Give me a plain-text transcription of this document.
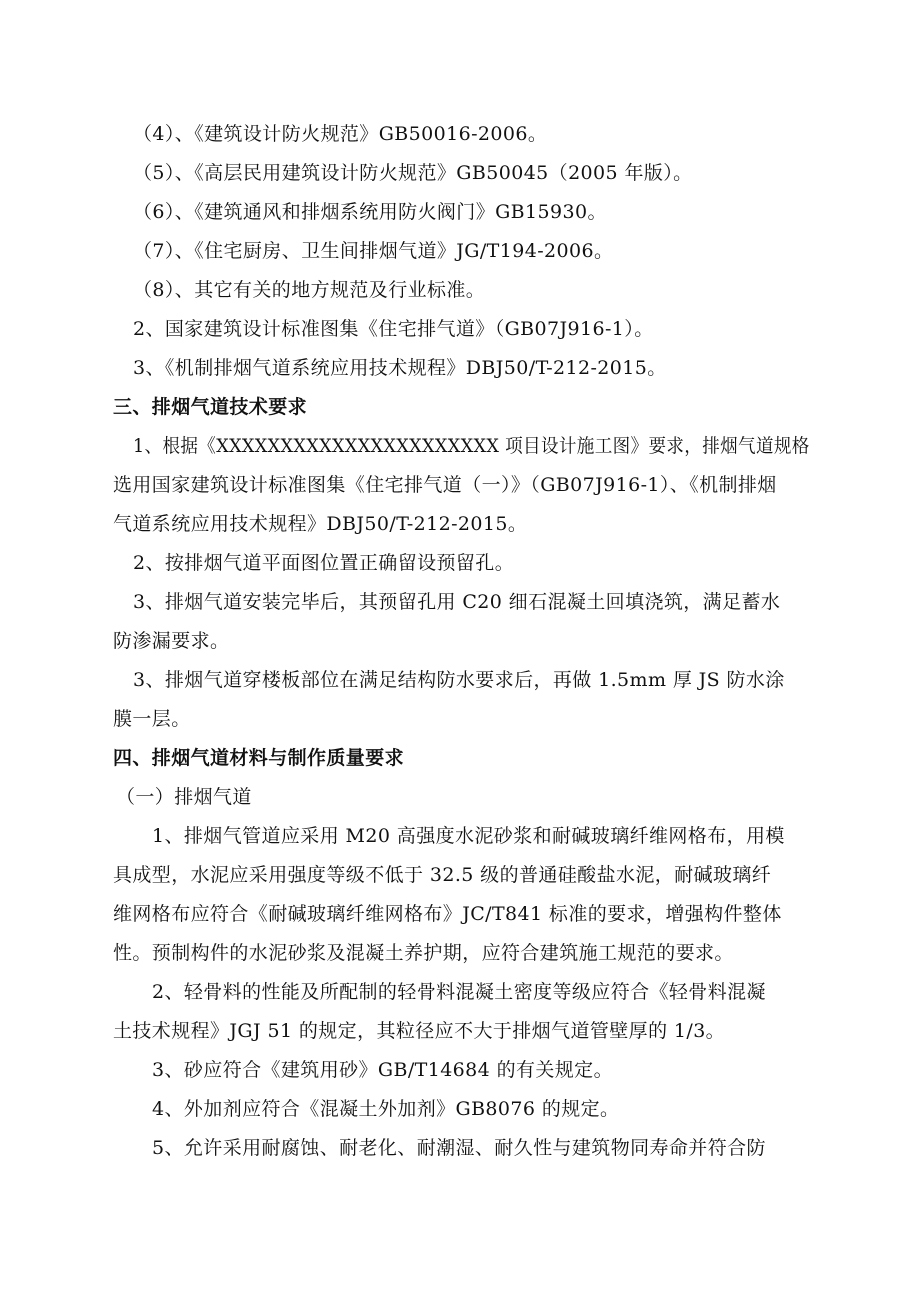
（4）、《建筑设计防火规范》GB50016-2006。
（5）、《高层民用建筑设计防火规范》GB50045（2005 年版）。
（6）、《建筑通风和排烟系统用防火阀门》GB15930。
（7）、《住宅厨房、卫生间排烟气道》JG/T194-2006。
（8）、其它有关的地方规范及行业标准。
2、国家建筑设计标准图集《住宅排气道》（GB07J916-1）。
3、《机制排烟气道系统应用技术规程》DBJ50/T-212-2015。
三、排烟气道技术要求
1、根据《XXXXXXXXXXXXXXXXXXXXXX 项目设计施工图》要求，排烟气道规格
选用国家建筑设计标准图集《住宅排气道（一）》（GB07J916-1）、《机制排烟
气道系统应用技术规程》DBJ50/T-212-2015。
2、按排烟气道平面图位置正确留设预留孔。
3、排烟气道安装完毕后，其预留孔用 C20 细石混凝土回填浇筑，满足蓄水
防渗漏要求。
3、排烟气道穿楼板部位在满足结构防水要求后，再做 1.5mm 厚 JS 防水涂
膜一层。
四、排烟气道材料与制作质量要求
（一）排烟气道
1、排烟气管道应采用 M20 高强度水泥砂浆和耐碱玻璃纤维网格布，用模
具成型，水泥应采用强度等级不低于 32.5 级的普通硅酸盐水泥，耐碱玻璃纤
维网格布应符合《耐碱玻璃纤维网格布》JC/T841 标准的要求，增强构件整体
性。预制构件的水泥砂浆及混凝土养护期，应符合建筑施工规范的要求。
2、轻骨料的性能及所配制的轻骨料混凝土密度等级应符合《轻骨料混凝
土技术规程》JGJ 51 的规定，其粒径应不大于排烟气道管壁厚的 1/3。
3、砂应符合《建筑用砂》GB/T14684 的有关规定。
4、外加剂应符合《混凝土外加剂》GB8076 的规定。
5、允许采用耐腐蚀、耐老化、耐潮湿、耐久性与建筑物同寿命并符合防
